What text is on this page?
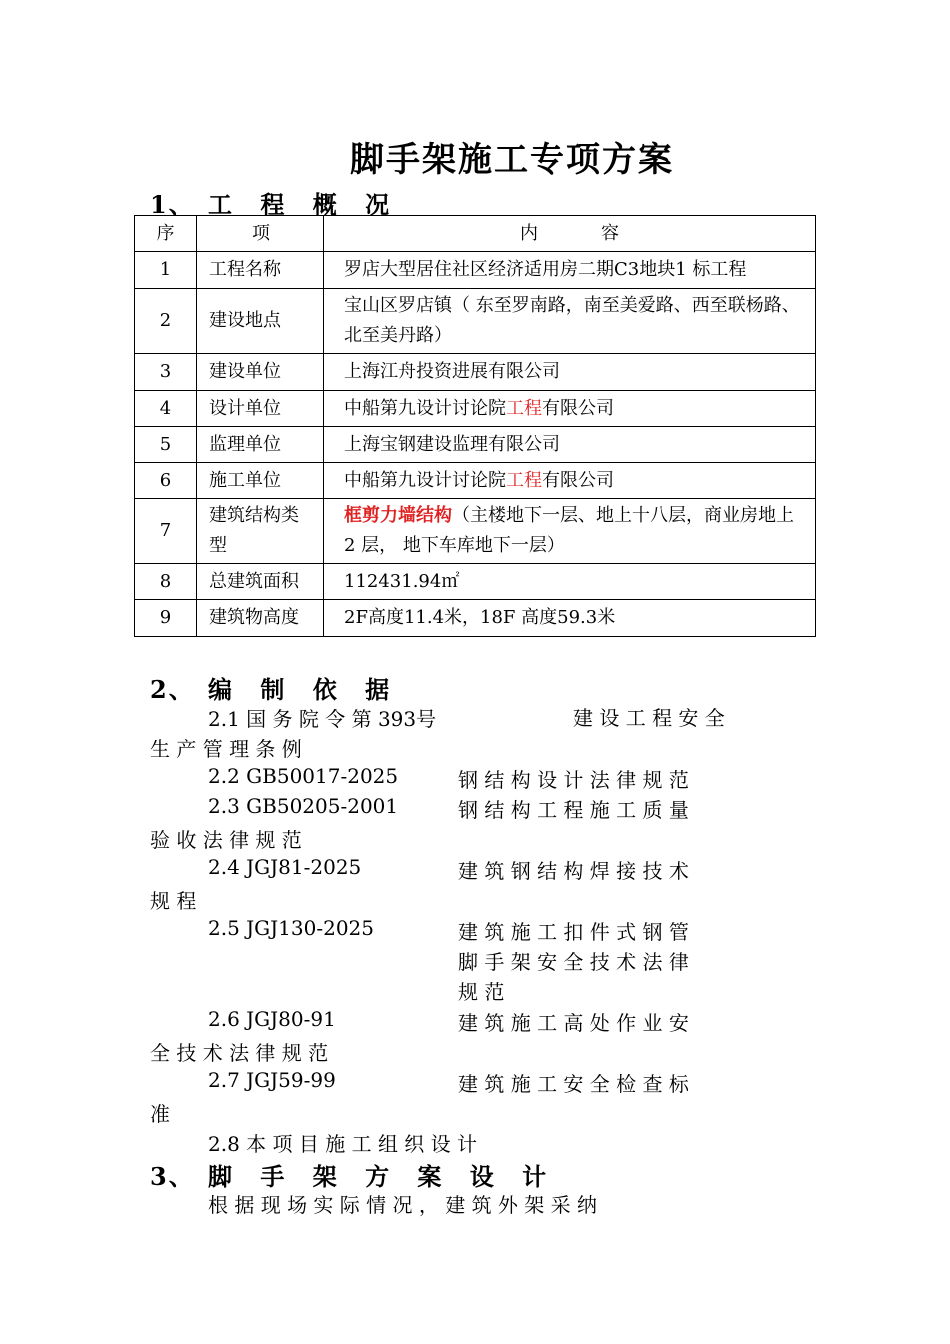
脚手架施工专项方案
1、 工 程 概 况
序	项	内           容
1	工程名称	罗店大型居住社区经济适用房二期C3地块1 标工程
2	建设地点	宝山区罗店镇（ 东至罗南路，南至美爱路、西至联杨路、北至美丹路）
3	建设单位	上海江舟投资进展有限公司
4	设计单位	中船第九设计讨论院工程有限公司
5	监理单位	上海宝钢建设监理有限公司
6	施工单位	中船第九设计讨论院工程有限公司
7	建筑结构类型	框剪力墙结构（主楼地下一层、地上十八层，商业房地上2 层， 地下车库地下一层）
8	总建筑面积	112431.94㎡
9	建筑物高度	2F高度11.4米，18F 高度59.3米
2、 编 制 依 据
2.1 国 务 院 令 第 393号	建 设 工 程 安 全
生 产 管 理 条 例
2.2 GB50017-2025	钢 结 构 设 计 法 律 规 范
2.3 GB50205-2001	钢 结 构 工 程 施 工 质 量
验 收 法 律 规 范
2.4 JGJ81-2025	建 筑 钢 结 构 焊 接 技 术
规 程
2.5 JGJ130-2025	建 筑 施 工 扣 件 式 钢 管
脚 手 架 安 全 技 术 法 律
规 范
2.6 JGJ80-91	建 筑 施 工 高 处 作 业 安
全 技 术 法 律 规 范
2.7 JGJ59-99	建 筑 施 工 安 全 检 查 标
准
2.8 本 项 目 施 工 组 织 设 计
3、 脚 手 架 方 案 设 计
根 据 现 场 实 际 情 况 ， 建 筑 外 架 采 纳
